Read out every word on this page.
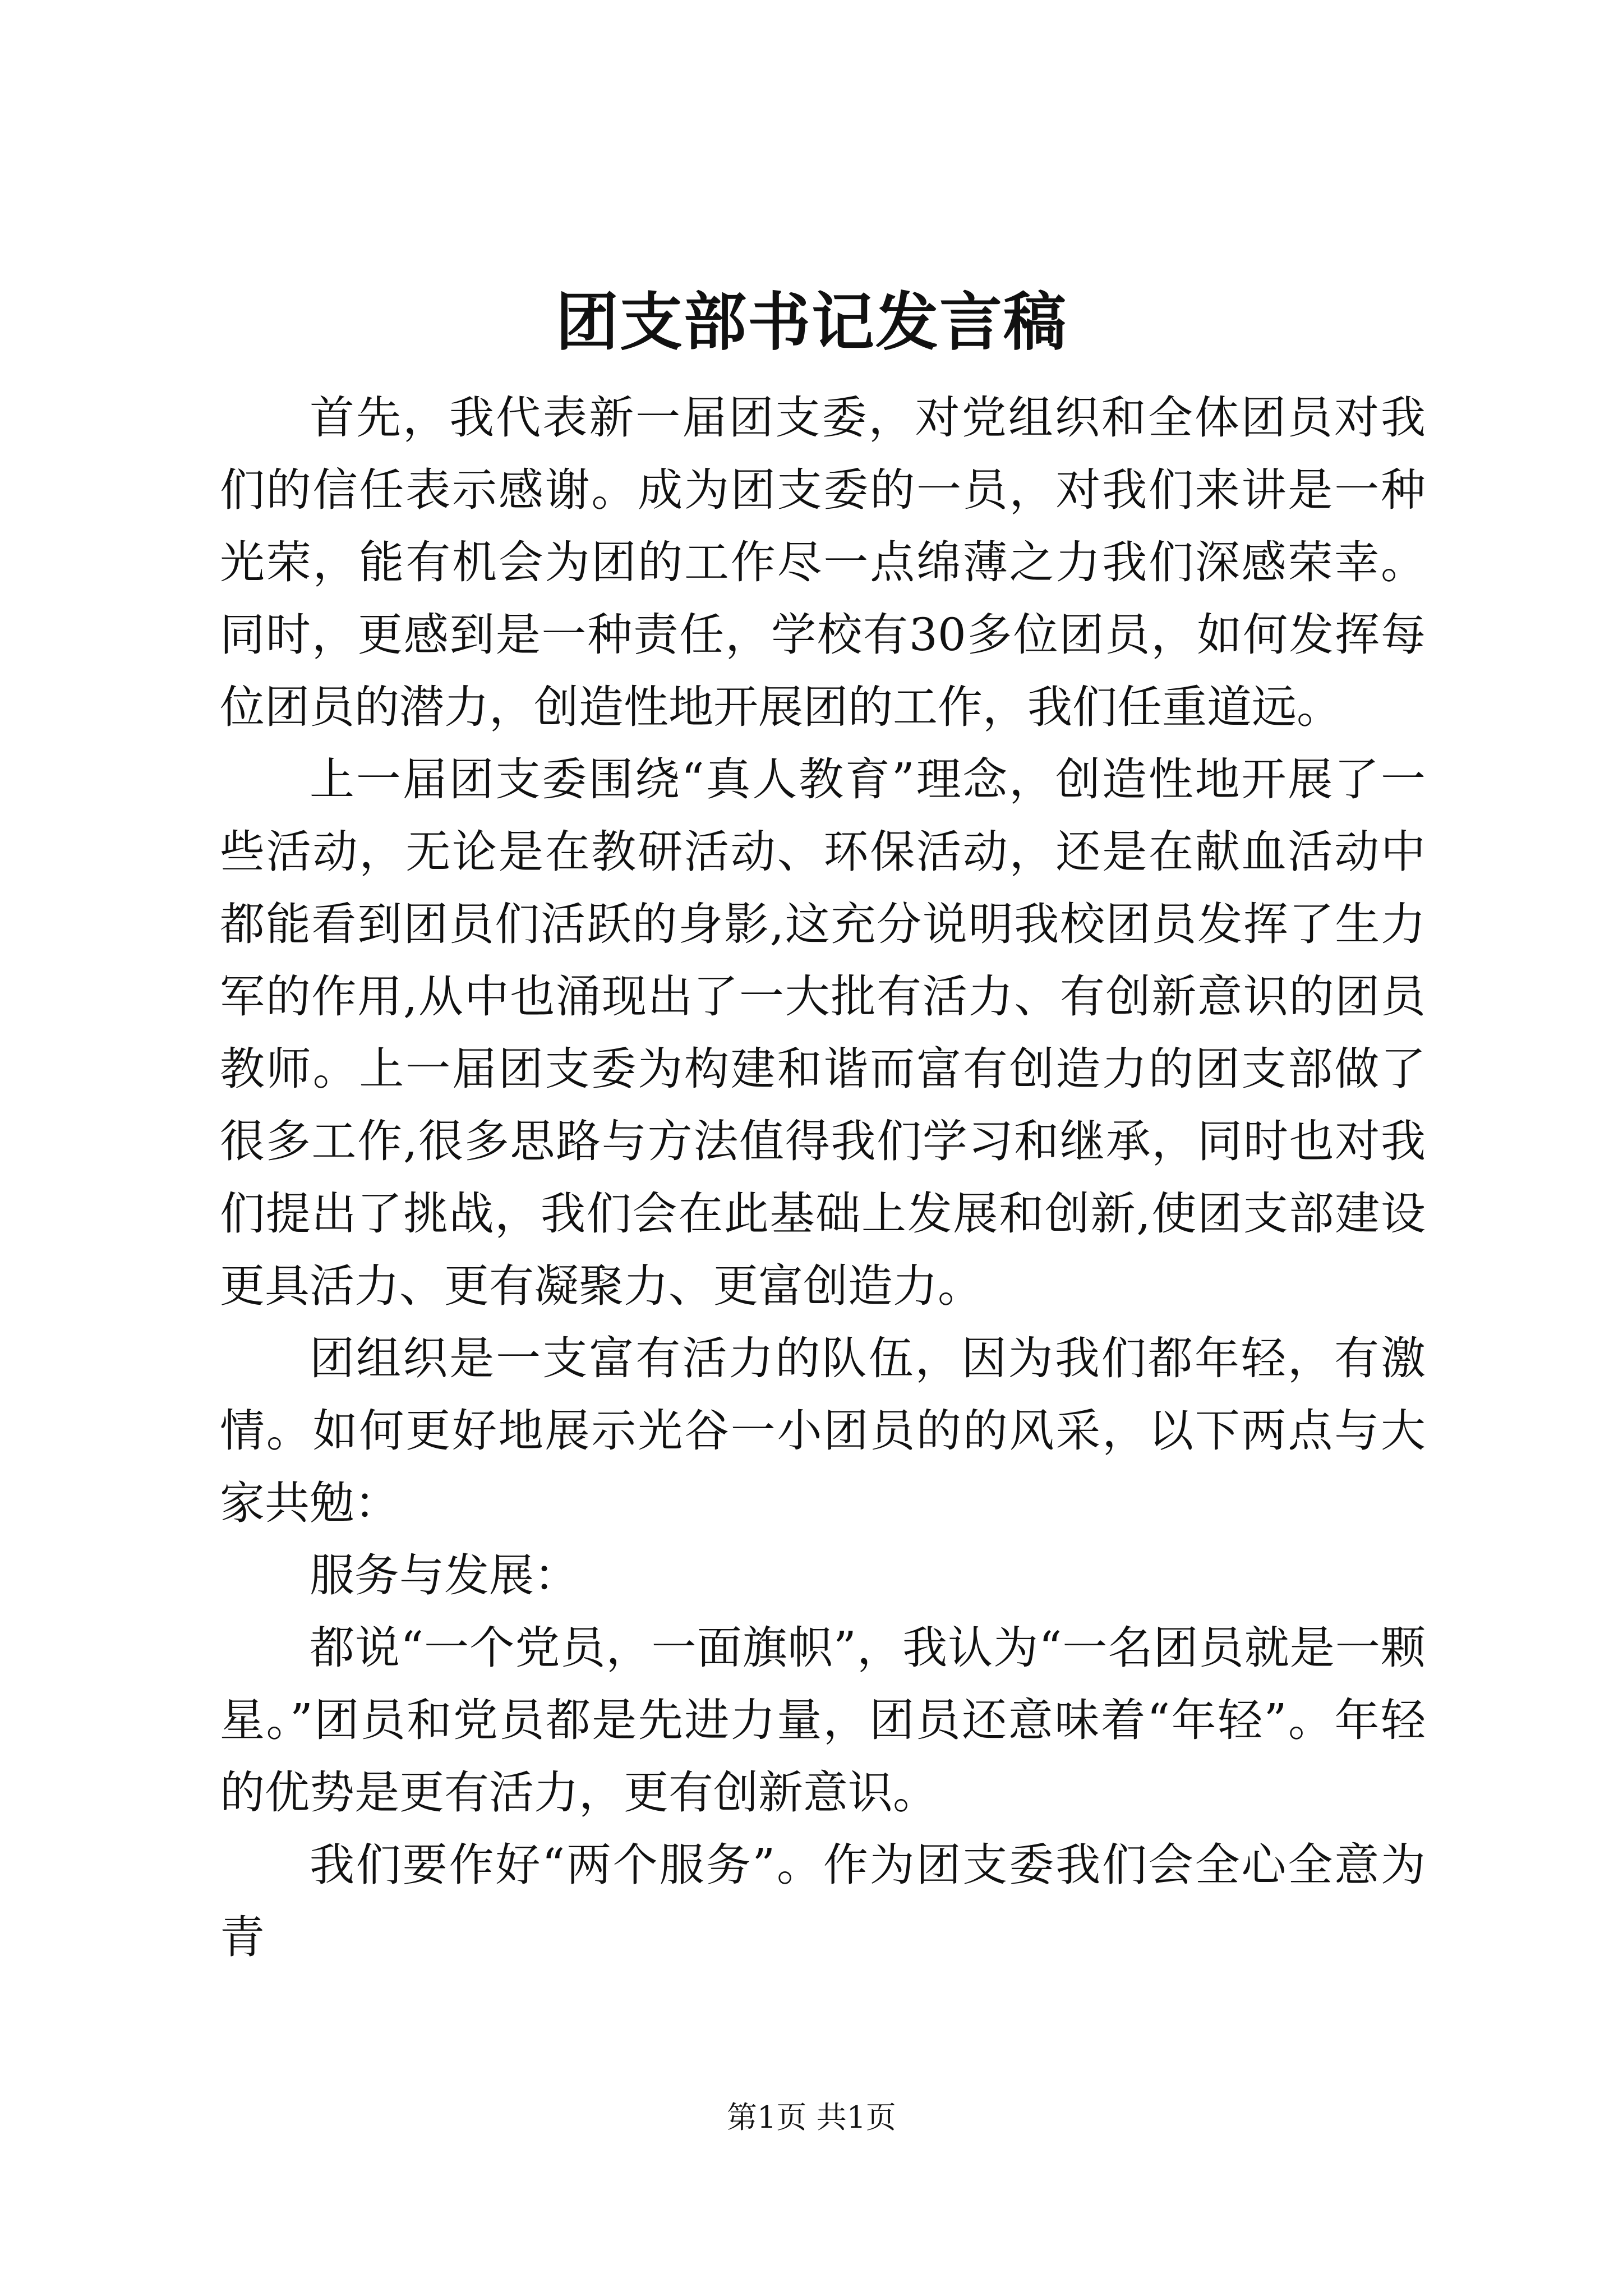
团支部书记发言稿

首先，我代表新一届团支委，对党组织和全体团员对我们的信任表示感谢。成为团支委的一员，对我们来讲是一种光荣，能有机会为团的工作尽一点绵薄之力我们深感荣幸。同时，更感到是一种责任，学校有30多位团员，如何发挥每位团员的潜力，创造性地开展团的工作，我们任重道远。

上一届团支委围绕“真人教育”理念，创造性地开展了一些活动，无论是在教研活动、环保活动，还是在献血活动中都能看到团员们活跃的身影,这充分说明我校团员发挥了生力军的作用,从中也涌现出了一大批有活力、有创新意识的团员教师。上一届团支委为构建和谐而富有创造力的团支部做了很多工作,很多思路与方法值得我们学习和继承，同时也对我们提出了挑战，我们会在此基础上发展和创新,使团支部建设更具活力、更有凝聚力、更富创造力。

团组织是一支富有活力的队伍，因为我们都年轻，有激情。如何更好地展示光谷一小团员的的风采，以下两点与大家共勉：

服务与发展：

都说“一个党员，一面旗帜”，我认为“一名团员就是一颗星。”团员和党员都是先进力量，团员还意味着“年轻”。年轻的优势是更有活力，更有创新意识。

我们要作好“两个服务”。作为团支委我们会全心全意为青

第1页 共1页
